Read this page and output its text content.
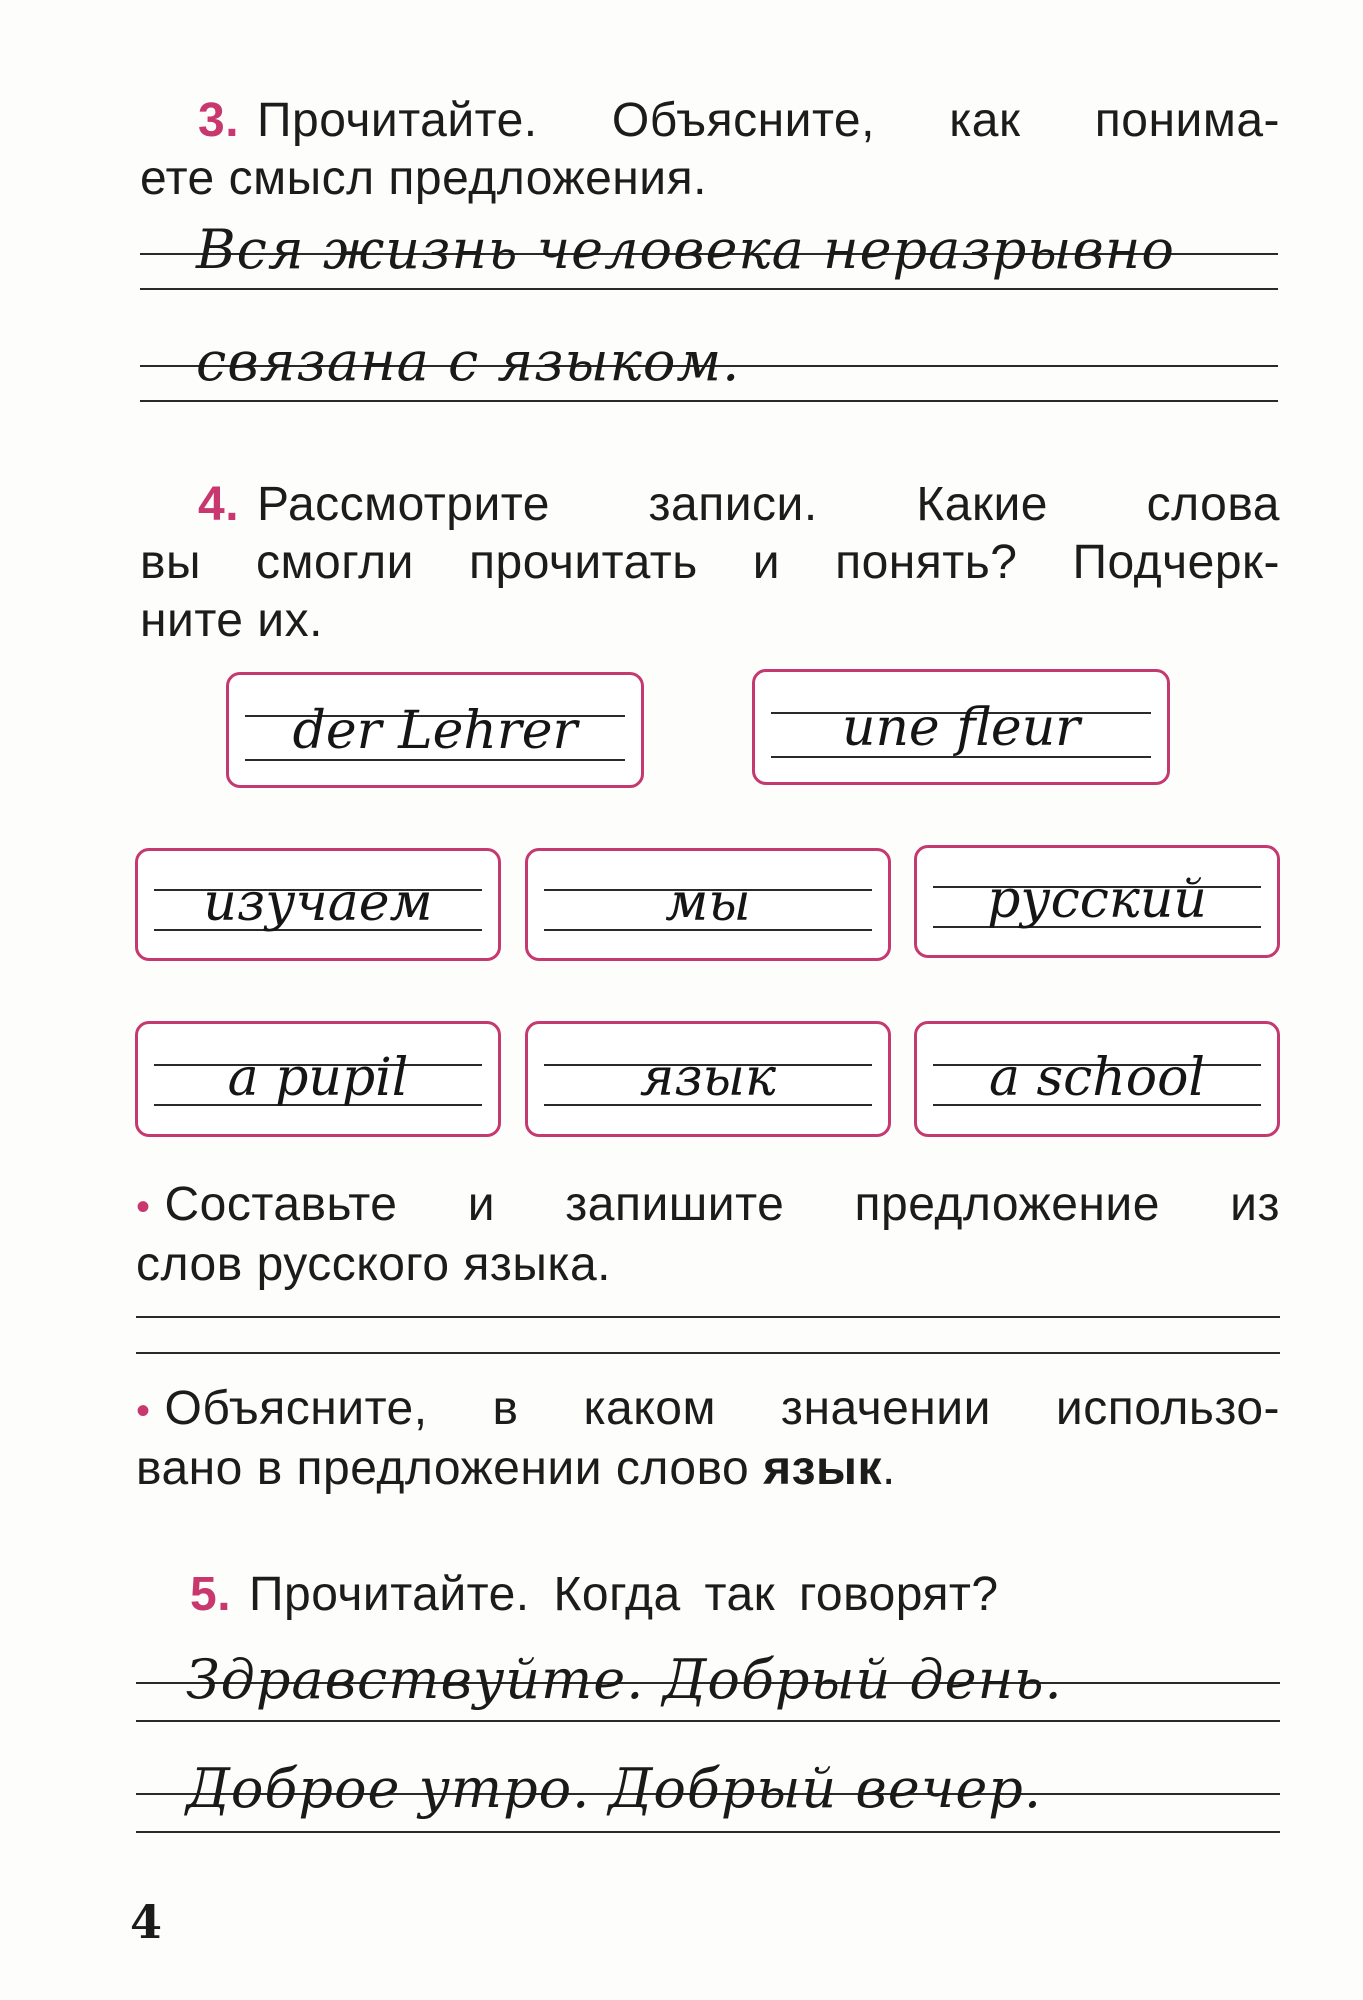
3. Прочитайте. Объясните, как понима-
ете смысл предложения.
Вся жизнь человека неразрывно
связана с языком.
4. Рассмотрите записи. Какие слова
вы смогли прочитать и понять? Подчерк-
ните их.
der Lehrer	une fleur
изучаем	мы	русский
a pupil	язык	a school
• Составьте и запишите предложение из
слов русского языка.
• Объясните, в каком значении использо-
вано в предложении слово язык.
5. Прочитайте. Когда так говорят?
Здравствуйте. Добрый день.
Доброе утро. Добрый вечер.
4
